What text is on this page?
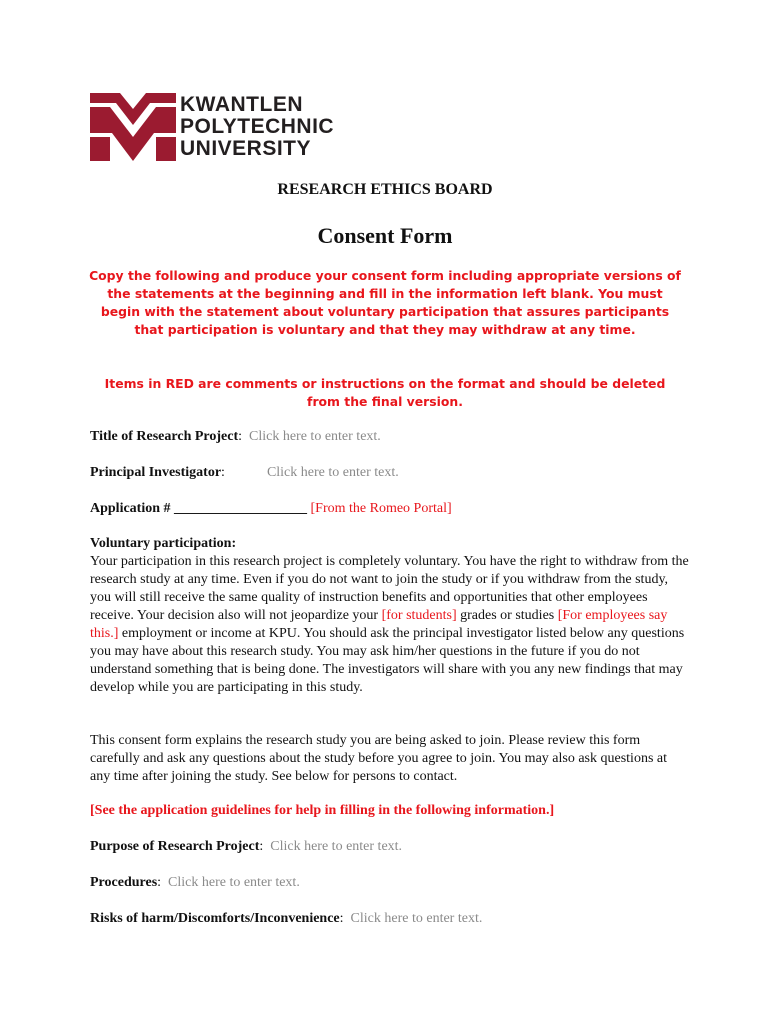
KWANTLEN
POLYTECHNIC
UNIVERSITY
RESEARCH ETHICS BOARD
Consent Form
Copy the following and produce your consent form including appropriate versions of the statements at the beginning and fill in the information left blank. You must begin with the statement about voluntary participation that assures participants that participation is voluntary and that they may withdraw at any time.
Items in RED are comments or instructions on the format and should be deleted from the final version.
Title of Research Project:  Click here to enter text.
Principal Investigator:	Click here to enter text.
Application # ___________________ [From the Romeo Portal]
Voluntary participation:
Your participation in this research project is completely voluntary. You have the right to withdraw from the research study at any time. Even if you do not want to join the study or if you withdraw from the study, you will still receive the same quality of instruction benefits and opportunities that other employees receive. Your decision also will not jeopardize your [for students] grades or studies [For employees say this.] employment or income at KPU. You should ask the principal investigator listed below any questions you may have about this research study. You may ask him/her questions in the future if you do not understand something that is being done. The investigators will share with you any new findings that may develop while you are participating in this study.
This consent form explains the research study you are being asked to join. Please review this form carefully and ask any questions about the study before you agree to join. You may also ask questions at any time after joining the study. See below for persons to contact.
[See the application guidelines for help in filling in the following information.]
Purpose of Research Project:  Click here to enter text.
Procedures:  Click here to enter text.
Risks of harm/Discomforts/Inconvenience:  Click here to enter text.
